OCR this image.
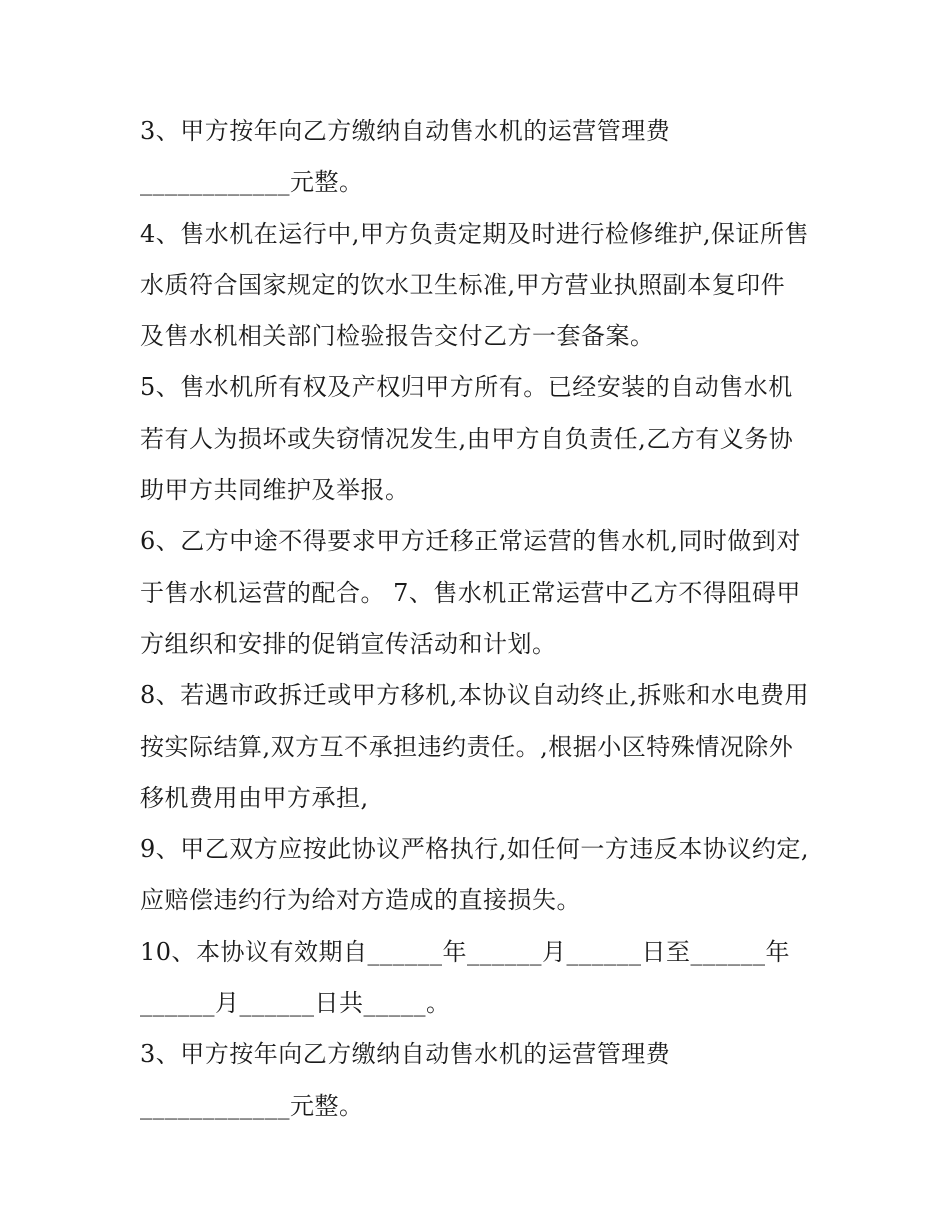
3、甲方按年向乙方缴纳自动售水机的运营管理费
____________元整。
4、售水机在运行中,甲方负责定期及时进行检修维护,保证所售
水质符合国家规定的饮水卫生标准,甲方营业执照副本复印件
及售水机相关部门检验报告交付乙方一套备案。
5、售水机所有权及产权归甲方所有。已经安装的自动售水机
若有人为损坏或失窃情况发生,由甲方自负责任,乙方有义务协
助甲方共同维护及举报。
6、乙方中途不得要求甲方迁移正常运营的售水机,同时做到对
于售水机运营的配合。 7、售水机正常运营中乙方不得阻碍甲
方组织和安排的促销宣传活动和计划。
8、若遇市政拆迁或甲方移机,本协议自动终止,拆账和水电费用
按实际结算,双方互不承担违约责任。,根据小区特殊情况除外
移机费用由甲方承担,
9、甲乙双方应按此协议严格执行,如任何一方违反本协议约定,
应赔偿违约行为给对方造成的直接损失。
10、本协议有效期自______年______月______日至______年
______月______日共_____。
3、甲方按年向乙方缴纳自动售水机的运营管理费
____________元整。
